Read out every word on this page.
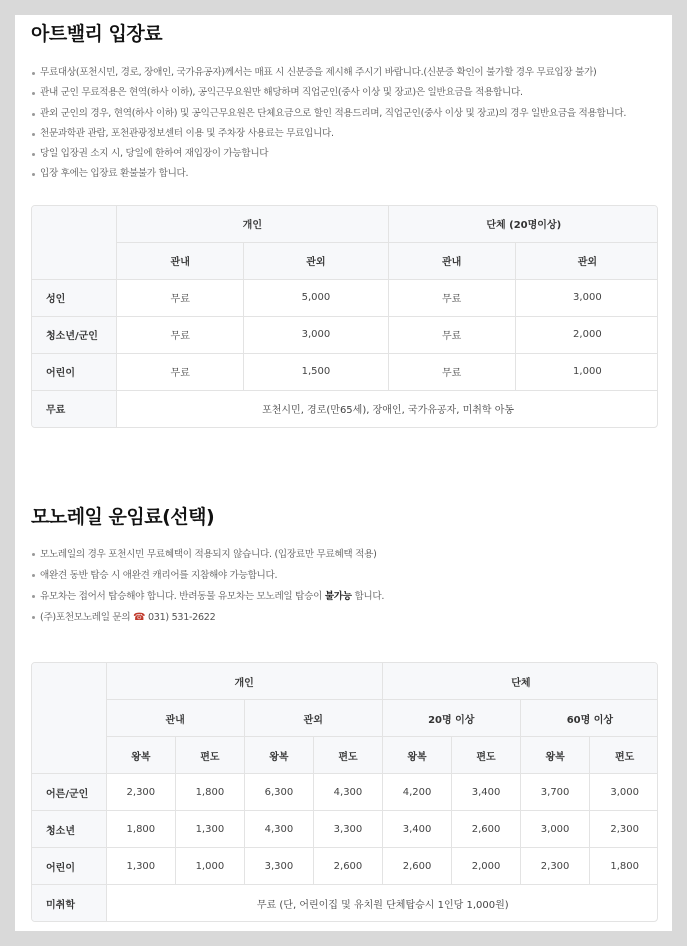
아트밸리 입장료
무료대상(포천시민, 경로, 장애인, 국가유공자)께서는 매표 시 신분증을 제시해 주시기 바랍니다.(신분증 확인이 불가할 경우 무료입장 불가)
관내 군인 무료적용은 현역(하사 이하), 공익근무요원만 해당하며 직업군인(중사 이상 및 장교)은 일반요금을 적용합니다.
관외 군인의 경우, 현역(하사 이하) 및 공익근무요원은 단체요금으로 할인 적용드리며, 직업군인(중사 이상 및 장교)의 경우 일반요금을 적용합니다.
천문과학관 관람, 포천관광정보센터 이용 및 주차장 사용료는 무료입니다.
당일 입장권 소지 시, 당일에 한하여 재입장이 가능합니다
입장 후에는 입장료 환불불가 합니다.
	개인		단체 (20명이상)	
	관내	관외	관내	관외
성인	무료	5,000	무료	3,000
청소년/군인	무료	3,000	무료	2,000
어린이	무료	1,500	무료	1,000
무료	포천시민, 경로(만65세), 장애인, 국가유공자, 미취학 아동			
모노레일 운임료(선택)
모노레일의 경우 포천시민 무료혜택이 적용되지 않습니다. (입장료만 무료혜택 적용)
애완견 동반 탑승 시 애완견 캐리어를 지참해야 가능합니다.
유모차는 접어서 탑승해야 합니다. 반려동물 유모차는 모노레일 탑승이 불가능 합니다.
(주)포천모노레일 문의 ☎ 031) 531-2622
	개인				단체			
	관내		관외		20명 이상		60명 이상	
	왕복	편도	왕복	편도	왕복	편도	왕복	편도
어른/군인	2,300	1,800	6,300	4,300	4,200	3,400	3,700	3,000
청소년	1,800	1,300	4,300	3,300	3,400	2,600	3,000	2,300
어린이	1,300	1,000	3,300	2,600	2,600	2,000	2,300	1,800
미취학	무료 (단, 어린이집 및 유치원 단체탑승시 1인당 1,000원)							
